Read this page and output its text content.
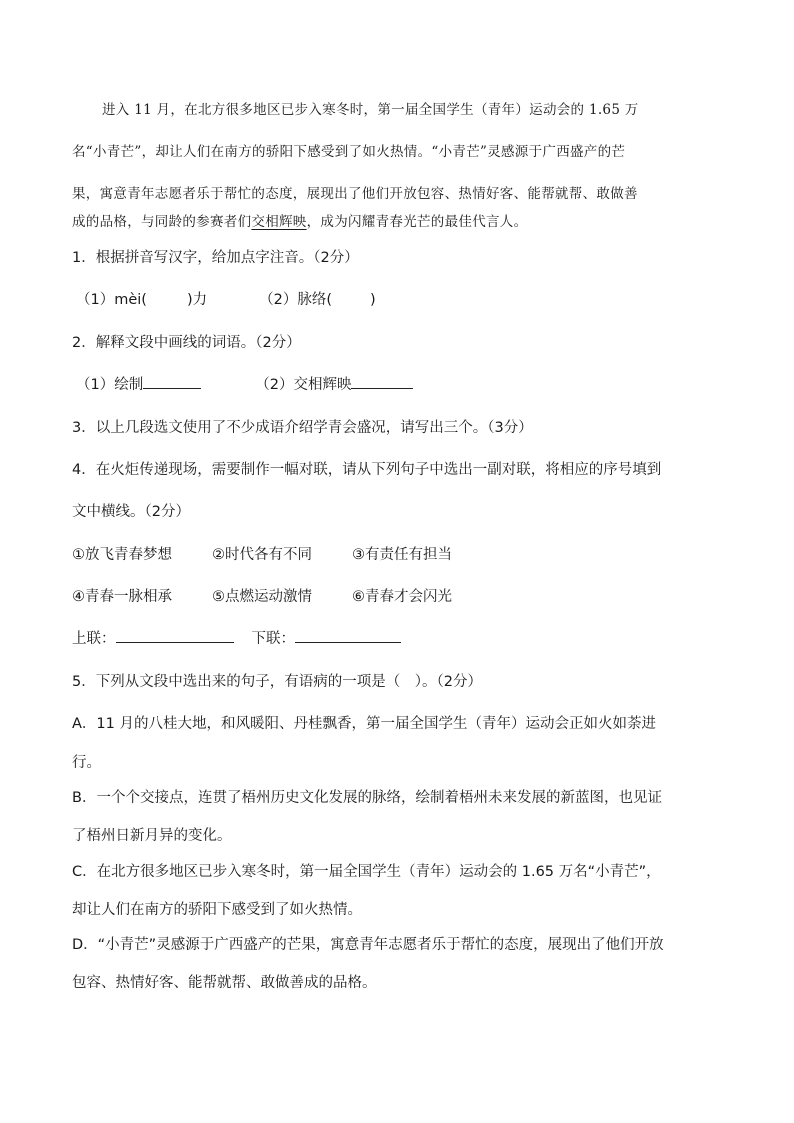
进入 11 月，在北方很多地区已步入寒冬时，第一届全国学生（青年）运动会的 1.65 万
名“小青芒”，却让人们在南方的骄阳下感受到了如火热情。“小青芒”灵感源于广西盛产的芒
果，寓意青年志愿者乐于帮忙的态度，展现出了他们开放包容、热情好客、能帮就帮、敢做善
成的品格，与同龄的参赛者们交相辉映，成为闪耀青春光芒的最佳代言人。
1．根据拼音写汉字，给加点字注音。（2分）
（1）mèi(	)力	（2）脉络(	)
2．解释文段中画线的词语。（2分）
（1）绘制	（2）交相辉映
3．以上几段选文使用了不少成语介绍学青会盛况，请写出三个。（3分）
4．在火炬传递现场，需要制作一幅对联，请从下列句子中选出一副对联，将相应的序号填到
文中横线。（2分）
①放飞青春梦想	②时代各有不同	③有责任有担当
④青春一脉相承	⑤点燃运动激情	⑥青春才会闪光
上联：	下联：
5．下列从文段中选出来的句子，有语病的一项是（　）。（2分）
A．11 月的八桂大地，和风暖阳、丹桂飘香，第一届全国学生（青年）运动会正如火如荼进
行。
B．一个个交接点，连贯了梧州历史文化发展的脉络，绘制着梧州未来发展的新蓝图，也见证
了梧州日新月异的变化。
C．在北方很多地区已步入寒冬时，第一届全国学生（青年）运动会的 1.65 万名“小青芒”，
却让人们在南方的骄阳下感受到了如火热情。
D．“小青芒”灵感源于广西盛产的芒果，寓意青年志愿者乐于帮忙的态度，展现出了他们开放
包容、热情好客、能帮就帮、敢做善成的品格。
